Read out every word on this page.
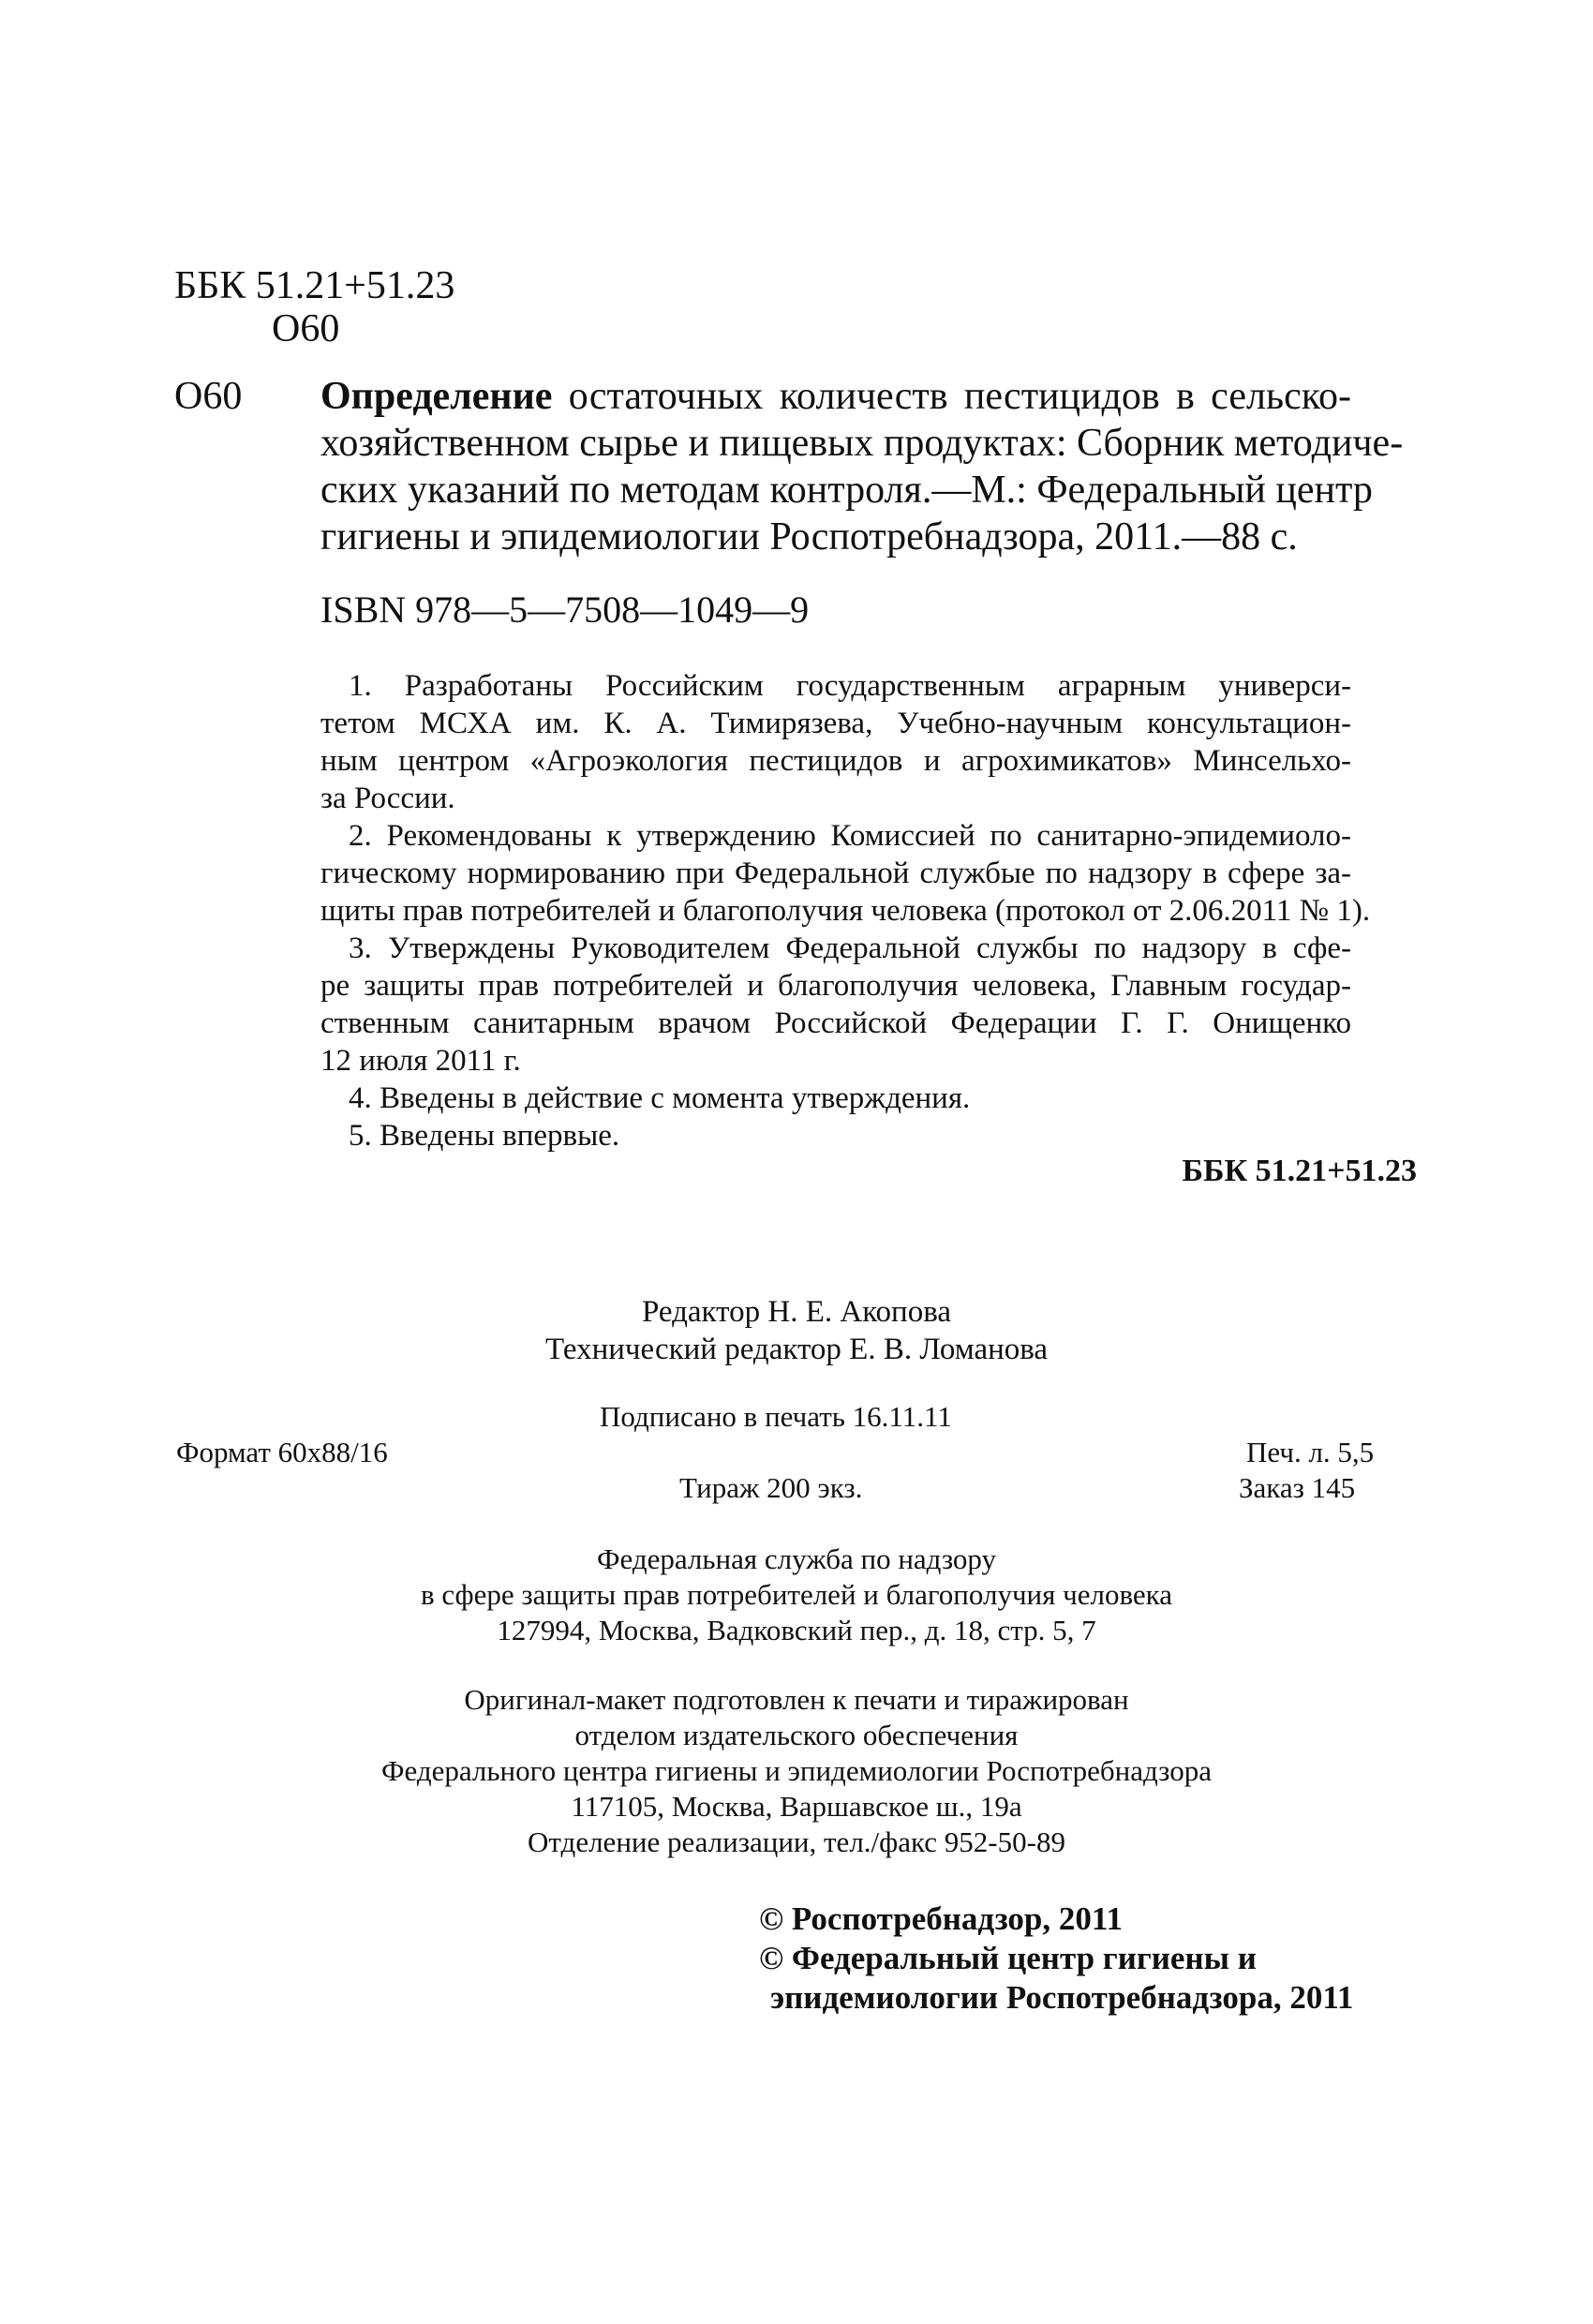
ББК 51.21+51.23
О60
О60 Определение остаточных количеств пестицидов в сельско-
хозяйственном сырье и пищевых продуктах: Сборник методиче-
ских указаний по методам контроля.—М.: Федеральный центр
гигиены и эпидемиологии Роспотребнадзора, 2011.—88 с.
ISBN 978—5—7508—1049—9
1. Разработаны Российским государственным аграрным универси-
тетом МСХА им. К. А. Тимирязева, Учебно-научным консультацион-
ным центром «Агроэкология пестицидов и агрохимикатов» Минсельхо-
за России.
2. Рекомендованы к утверждению Комиссией по санитарно-эпидемиоло-
гическому нормированию при Федеральной службые по надзору в сфере за-
щиты прав потребителей и благополучия человека (протокол от 2.06.2011 № 1).
3. Утверждены Руководителем Федеральной службы по надзору в сфе-
ре защиты прав потребителей и благополучия человека, Главным государ-
ственным санитарным врачом Российской Федерации Г. Г. Онищенко
12 июля 2011 г.
4. Введены в действие с момента утверждения.
5. Введены впервые.
ББК 51.21+51.23
Редактор Н. Е. Акопова
Технический редактор Е. В. Ломанова
Подписано в печать 16.11.11
Формат 60х88/16	Печ. л. 5,5
Тираж 200 экз.	Заказ 145
Федеральная служба по надзору
в сфере защиты прав потребителей и благополучия человека
127994, Москва, Вадковский пер., д. 18, стр. 5, 7
Оригинал-макет подготовлен к печати и тиражирован
отделом издательского обеспечения
Федерального центра гигиены и эпидемиологии Роспотребнадзора
117105, Москва, Варшавское ш., 19а
Отделение реализации, тел./факс 952-50-89
© Роспотребнадзор, 2011
© Федеральный центр гигиены и
эпидемиологии Роспотребнадзора, 2011
